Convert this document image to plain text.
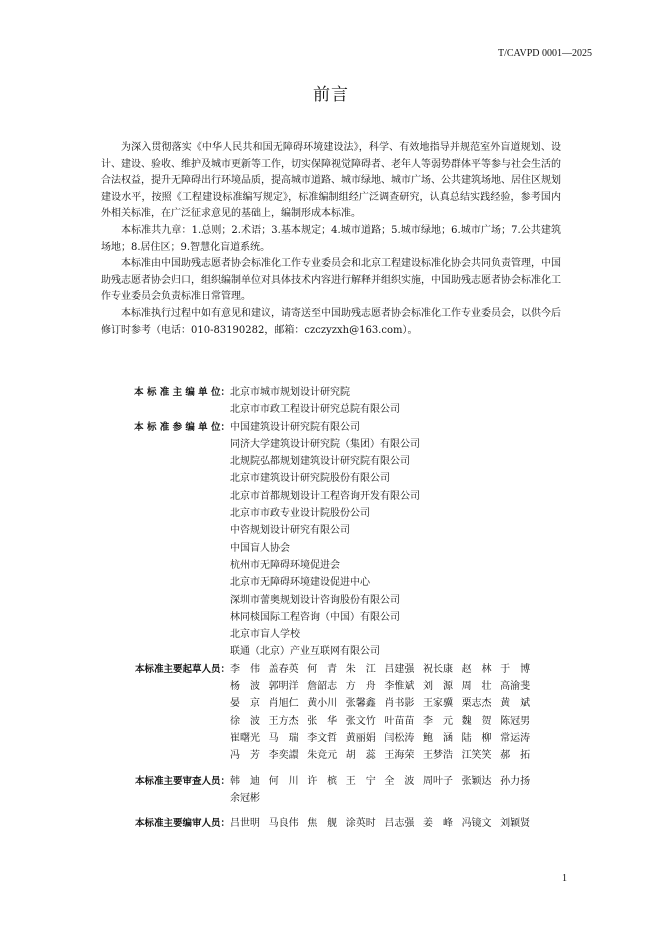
T/CAVPD 0001—2025
前言

为深入贯彻落实《中华人民共和国无障碍环境建设法》，科学、有效地指导并规范室外盲道规划、设计、建设、验收、维护及城市更新等工作，切实保障视觉障碍者、老年人等弱势群体平等参与社会生活的合法权益，提升无障碍出行环境品质，提高城市道路、城市绿地、城市广场、公共建筑场地、居住区规划建设水平，按照《工程建设标准编写规定》，标准编制组经广泛调查研究，认真总结实践经验，参考国内外相关标准，在广泛征求意见的基础上，编制形成本标准。

本标准共九章：1.总则；2.术语；3.基本规定；4.城市道路；5.城市绿地；6.城市广场；7.公共建筑场地；8.居住区；9.智慧化盲道系统。

本标准由中国助残志愿者协会标准化工作专业委员会和北京工程建设标准化协会共同负责管理，中国助残志愿者协会归口，组织编制单位对具体技术内容进行解释并组织实施，中国助残志愿者协会标准化工作专业委员会负责标准日常管理。

本标准执行过程中如有意见和建议，请寄送至中国助残志愿者协会标准化工作专业委员会，以供今后修订时参考（电话：010-83190282，邮箱：czczyzxh@163.com）。

本 标 准 主 编 单 位： 北京市城市规划设计研究院
北京市市政工程设计研究总院有限公司
本 标 准 参 编 单 位： 中国建筑设计研究院有限公司
同济大学建筑设计研究院（集团）有限公司
北规院弘都规划建筑设计研究院有限公司
北京市建筑设计研究院股份有限公司
北京市首都规划设计工程咨询开发有限公司
北京市市政专业设计院股份公司
中咨规划设计研究有限公司
中国盲人协会
杭州市无障碍环境促进会
北京市无障碍环境建设促进中心
深圳市蕾奥规划设计咨询股份有限公司
林同棪国际工程咨询（中国）有限公司
北京市盲人学校
联通（北京）产业互联网有限公司
本标准主要起草人员： 李　伟 盖春英 何　青 朱　江 吕建强 祝长康 赵　林 于　博
杨　波 郭明洋 詹韶志 方　舟 李惟斌 刘　源 周　壮 高渝斐
晏　京 肖旭仁 黄小川 张馨鑫 肖书影 王家骥 栗志杰 黄　斌
徐　波 王方杰 张　华 张文竹 叶苗苗 李　元 魏　贺 陈冠男
崔曙光 马　瑞 李文哲 黄丽娟 闫松涛 鲍　涵 陆　柳 常运涛
冯　芳 李奕譞 朱竞元 胡　蕊 王海荣 王梦浩 江笑笑 郝　拓
本标准主要审查人员： 韩　迪 何　川 许　槟 王　宁 全　波 周叶子 张颖达 孙力扬
余冠彬
本标准主要编审人员： 吕世明 马良伟 焦　舰 涂英时 吕志强 姜　峰 冯镜文 刘颖贤
1
